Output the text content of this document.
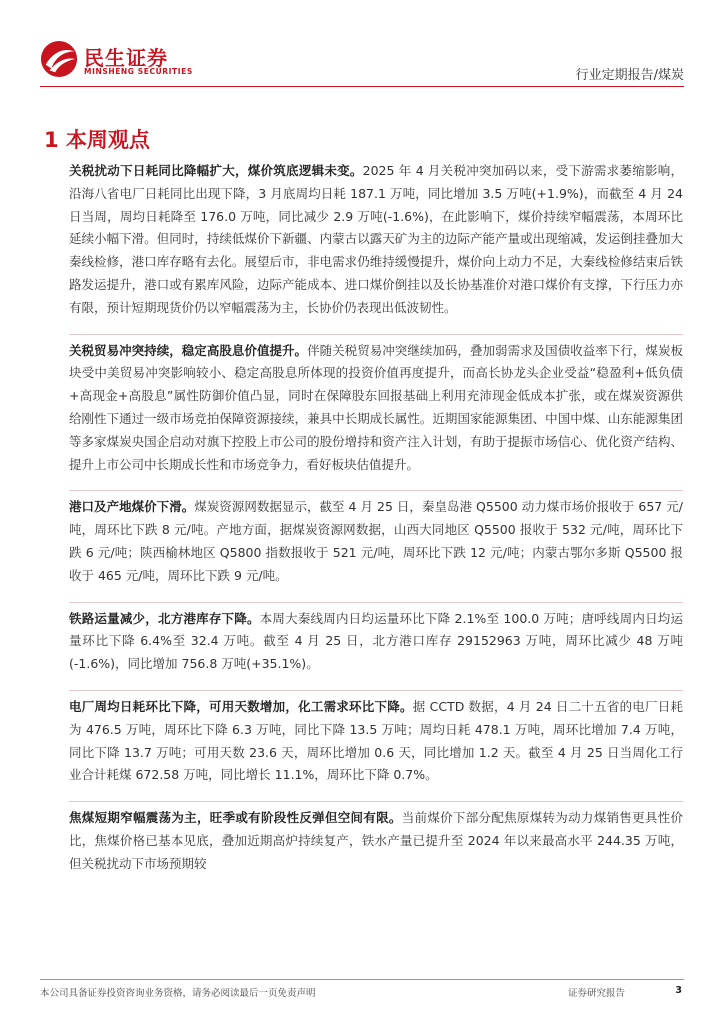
民生证券
MINSHENG SECURITIES	行业定期报告/煤炭
1 本周观点

关税扰动下日耗同比降幅扩大，煤价筑底逻辑未变。2025 年 4 月关税冲突加码以来，受下游需求萎缩影响，沿海八省电厂日耗同比出现下降，3 月底周均日耗 187.1 万吨，同比增加 3.5 万吨(+1.9%)，而截至 4 月 24 日当周，周均日耗降至 176.0 万吨，同比减少 2.9 万吨(-1.6%)，在此影响下，煤价持续窄幅震荡，本周环比延续小幅下滑。但同时，持续低煤价下新疆、内蒙古以露天矿为主的边际产能产量或出现缩减，发运倒挂叠加大秦线检修，港口库存略有去化。展望后市，非电需求仍维持缓慢提升，煤价向上动力不足，大秦线检修结束后铁路发运提升，港口或有累库风险，边际产能成本、进口煤价倒挂以及长协基准价对港口煤价有支撑，下行压力亦有限，预计短期现货价仍以窄幅震荡为主，长协价仍表现出低波韧性。

关税贸易冲突持续，稳定高股息价值提升。伴随关税贸易冲突继续加码，叠加弱需求及国债收益率下行，煤炭板块受中美贸易冲突影响较小、稳定高股息所体现的投资价值再度提升，而高长协龙头企业受益“稳盈利+低负债+高现金+高股息”属性防御价值凸显，同时在保障股东回报基础上利用充沛现金低成本扩张，或在煤炭资源供给刚性下通过一级市场竞拍保障资源接续，兼具中长期成长属性。近期国家能源集团、中国中煤、山东能源集团等多家煤炭央国企启动对旗下控股上市公司的股份增持和资产注入计划，有助于提振市场信心、优化资产结构、提升上市公司中长期成长性和市场竞争力，看好板块估值提升。

港口及产地煤价下滑。煤炭资源网数据显示，截至 4 月 25 日，秦皇岛港 Q5500 动力煤市场价报收于 657 元/吨，周环比下跌 8 元/吨。产地方面，据煤炭资源网数据，山西大同地区 Q5500 报收于 532 元/吨，周环比下跌 6 元/吨；陕西榆林地区 Q5800 指数报收于 521 元/吨，周环比下跌 12 元/吨；内蒙古鄂尔多斯 Q5500 报收于 465 元/吨，周环比下跌 9 元/吨。

铁路运量减少，北方港库存下降。本周大秦线周内日均运量环比下降 2.1%至 100.0 万吨；唐呼线周内日均运量环比下降 6.4%至 32.4 万吨。截至 4 月 25 日，北方港口库存 29152963 万吨，周环比减少 48 万吨(-1.6%)，同比增加 756.8 万吨(+35.1%)。

电厂周均日耗环比下降，可用天数增加，化工需求环比下降。据 CCTD 数据，4 月 24 日二十五省的电厂日耗为 476.5 万吨，周环比下降 6.3 万吨，同比下降 13.5 万吨；周均日耗 478.1 万吨，周环比增加 7.4 万吨，同比下降 13.7 万吨；可用天数 23.6 天，周环比增加 0.6 天，同比增加 1.2 天。截至 4 月 25 日当周化工行业合计耗煤 672.58 万吨，同比增长 11.1%，周环比下降 0.7%。

焦煤短期窄幅震荡为主，旺季或有阶段性反弹但空间有限。当前煤价下部分配焦原煤转为动力煤销售更具性价比，焦煤价格已基本见底，叠加近期高炉持续复产，铁水产量已提升至 2024 年以来最高水平 244.35 万吨，但关税扰动下市场预期较

本公司具备证券投资咨询业务资格，请务必阅读最后一页免责声明	证券研究报告	3
